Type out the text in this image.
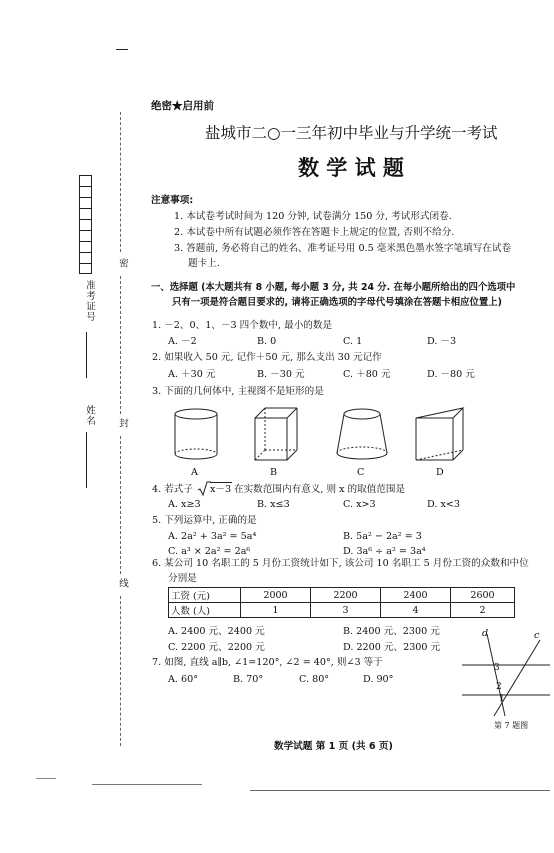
准考证号
姓名
密
封
线
绝密★启用前
盐城市二○一三年初中毕业与升学统一考试
数 学 试 题
注意事项:
1. 本试卷考试时间为 120 分钟, 试卷满分 150 分, 考试形式闭卷.
2. 本试卷中所有试题必须作答在答题卡上规定的位置, 否则不给分.
3. 答题前, 务必将自己的姓名、准考证号用 0.5 毫米黑色墨水签字笔填写在试卷
题卡上.
一、选择题 (本大题共有 8 小题, 每小题 3 分, 共 24 分. 在每小题所给出的四个选项中
只有一项是符合题目要求的, 请将正确选项的字母代号填涂在答题卡相应位置上)
1. －2、0、1、－3 四个数中, 最小的数是
A. －2	B. 0	C. 1	D. －3
2. 如果收入 50 元, 记作＋50 元, 那么支出 30 元记作
A. ＋30 元	B. －30 元	C. ＋80 元	D. －80 元
3. 下面的几何体中, 主视图不是矩形的是
A	B	C	D
4. 若式子 x－3 在实数范围内有意义, 则 x 的取值范围是
A. x≥3	B. x≤3	C. x>3	D. x<3
5. 下列运算中, 正确的是
A. 2a² + 3a² = 5a⁴	B. 5a² − 2a² = 3
C. a³ × 2a² = 2a⁶	D. 3a⁶ ÷ a² = 3a⁴
6. 某公司 10 名职工的 5 月份工资统计如下, 该公司 10 名职工 5 月份工资的众数和中位
分别是
工资 (元)	2000	2200	2400	2600
人数 (人)	1	3	4	2
A. 2400 元、2400 元	B. 2400 元、2300 元
C. 2200 元、2200 元	D. 2200 元、2300 元
7. 如图, 直线 a∥b, ∠1=120°, ∠2 = 40°, 则∠3 等于
A. 60°	B. 70°	C. 80°	D. 90°
d	c
3
2
1
第 7 题图
数学试题 第 1 页 (共 6 页)
